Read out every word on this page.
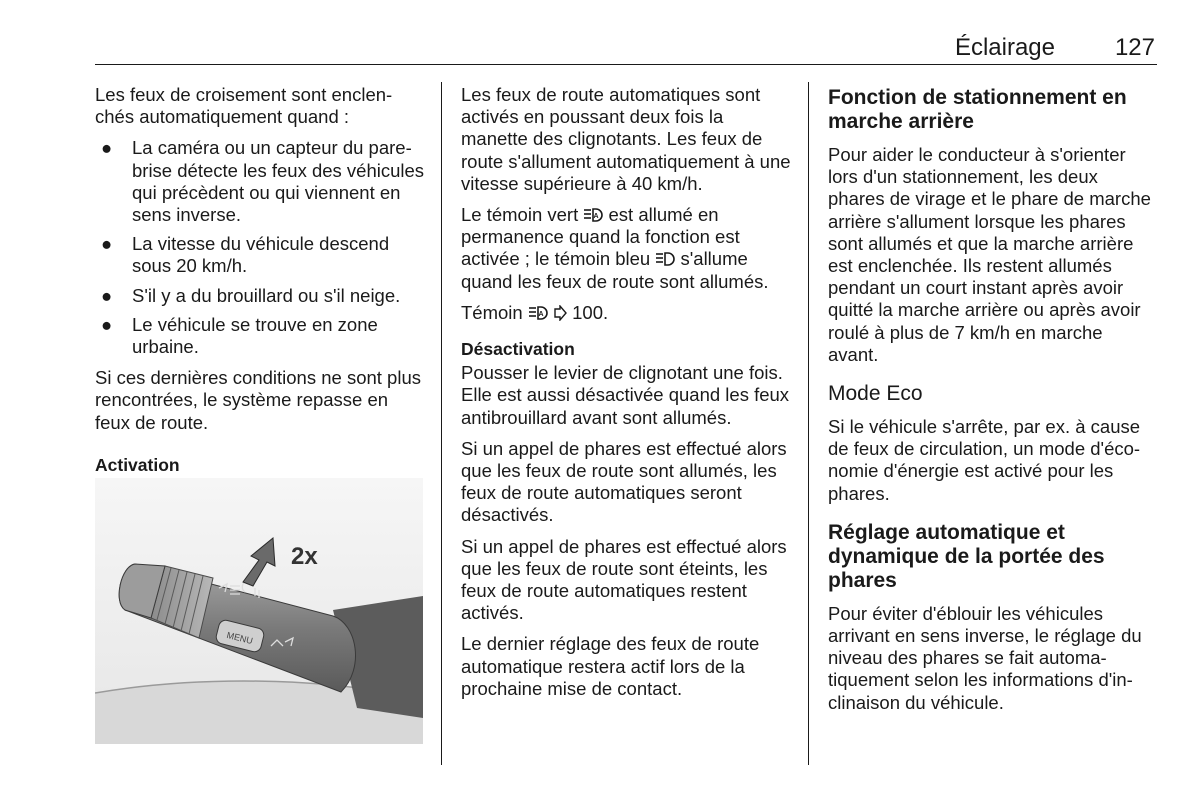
Éclairage 127

Les feux de croisement sont enclenchés automatiquement quand :

● La caméra ou un capteur du pare-brise détecte les feux des véhicules qui précèdent ou qui viennent en sens inverse.
● La vitesse du véhicule descend sous 20 km/h.
● S'il y a du brouillard ou s'il neige.
● Le véhicule se trouve en zone urbaine.

Si ces dernières conditions ne sont plus rencontrées, le système repasse en feux de route.

Activation
MENU
2x

Les feux de route automatiques sont activés en poussant deux fois la manette des clignotants. Les feux de route s'allument automatiquement à une vitesse supérieure à 40 km/h.

Le témoin vert A est allumé en permanence quand la fonction est activée ; le témoin bleu s'allume quand les feux de route sont allumés.

Témoin A 100.

Désactivation

Pousser le levier de clignotant une fois. Elle est aussi désactivée quand les feux antibrouillard avant sont allumés.

Si un appel de phares est effectué alors que les feux de route sont allumés, les feux de route automatiques seront désactivés.

Si un appel de phares est effectué alors que les feux de route sont éteints, les feux de route automatiques restent activés.

Le dernier réglage des feux de route automatique restera actif lors de la prochaine mise de contact.

Fonction de stationnement en marche arrière

Pour aider le conducteur à s'orienter lors d'un stationnement, les deux phares de virage et le phare de marche arrière s'allument lorsque les phares sont allumés et que la marche arrière est enclenchée. Ils restent allumés pendant un court instant après avoir quitté la marche arrière ou après avoir roulé à plus de 7 km/h en marche avant.

Mode Eco

Si le véhicule s'arrête, par ex. à cause de feux de circulation, un mode d'économie d'énergie est activé pour les phares.

Réglage automatique et dynamique de la portée des phares

Pour éviter d'éblouir les véhicules arrivant en sens inverse, le réglage du niveau des phares se fait automatiquement selon les informations d'inclinaison du véhicule.
